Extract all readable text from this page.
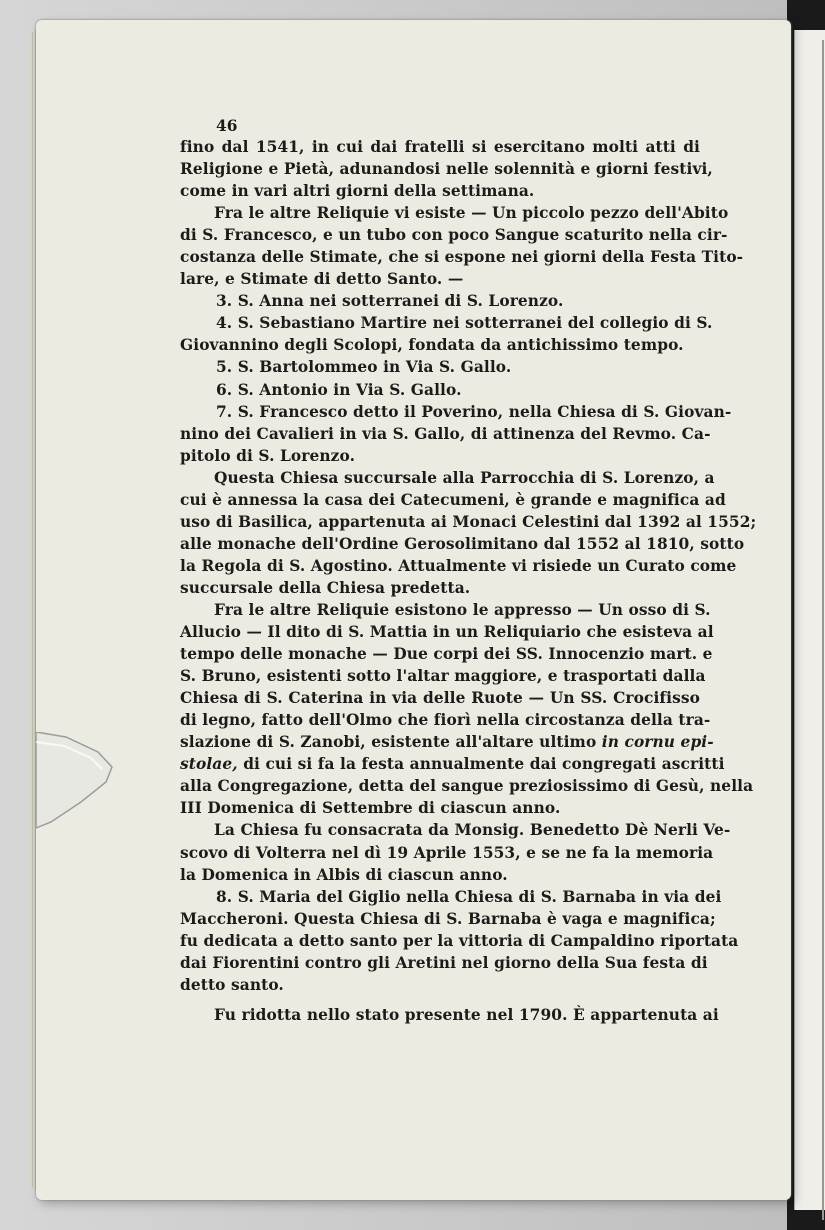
46
fino dal 1541, in cui dai fratelli si esercitano molti atti di
Religione e Pietà, adunandosi nelle solennità e giorni festivi,
come in vari altri giorni della settimana.
Fra le altre Reliquie vi esiste — Un piccolo pezzo dell'Abito
di S. Francesco, e un tubo con poco Sangue scaturito nella cir-
costanza delle Stimate, che si espone nei giorni della Festa Tito-
lare, e Stimate di detto Santo. —
3. S. Anna nei sotterranei di S. Lorenzo.
4. S. Sebastiano Martire nei sotterranei del collegio di S.
Giovannino degli Scolopi, fondata da antichissimo tempo.
5. S. Bartolommeo in Via S. Gallo.
6. S. Antonio in Via S. Gallo.
7. S. Francesco detto il Poverino, nella Chiesa di S. Giovan-
nino dei Cavalieri in via S. Gallo, di attinenza del Revmo. Ca-
pitolo di S. Lorenzo.
Questa Chiesa succursale alla Parrocchia di S. Lorenzo, a
cui è annessa la casa dei Catecumeni, è grande e magnifica ad
uso di Basilica, appartenuta ai Monaci Celestini dal 1392 al 1552;
alle monache dell'Ordine Gerosolimitano dal 1552 al 1810, sotto
la Regola di S. Agostino. Attualmente vi risiede un Curato come
succursale della Chiesa predetta.
Fra le altre Reliquie esistono le appresso — Un osso di S.
Allucio — Il dito di S. Mattia in un Reliquiario che esisteva al
tempo delle monache — Due corpi dei SS. Innocenzio mart. e
S. Bruno, esistenti sotto l'altar maggiore, e trasportati dalla
Chiesa di S. Caterina in via delle Ruote — Un SS. Crocifisso
di legno, fatto dell'Olmo che fiorì nella circostanza della tra-
slazione di S. Zanobi, esistente all'altare ultimo in cornu epi-
stolae, di cui si fa la festa annualmente dai congregati ascritti
alla Congregazione, detta del sangue preziosissimo di Gesù, nella
III Domenica di Settembre di ciascun anno.
La Chiesa fu consacrata da Monsig. Benedetto Dè Nerli Ve-
scovo di Volterra nel dì 19 Aprile 1553, e se ne fa la memoria
la Domenica in Albis di ciascun anno.
8. S. Maria del Giglio nella Chiesa di S. Barnaba in via dei
Maccheroni. Questa Chiesa di S. Barnaba è vaga e magnifica;
fu dedicata a detto santo per la vittoria di Campaldino riportata
dai Fiorentini contro gli Aretini nel giorno della Sua festa di
detto santo.
Fu ridotta nello stato presente nel 1790. È appartenuta ai
